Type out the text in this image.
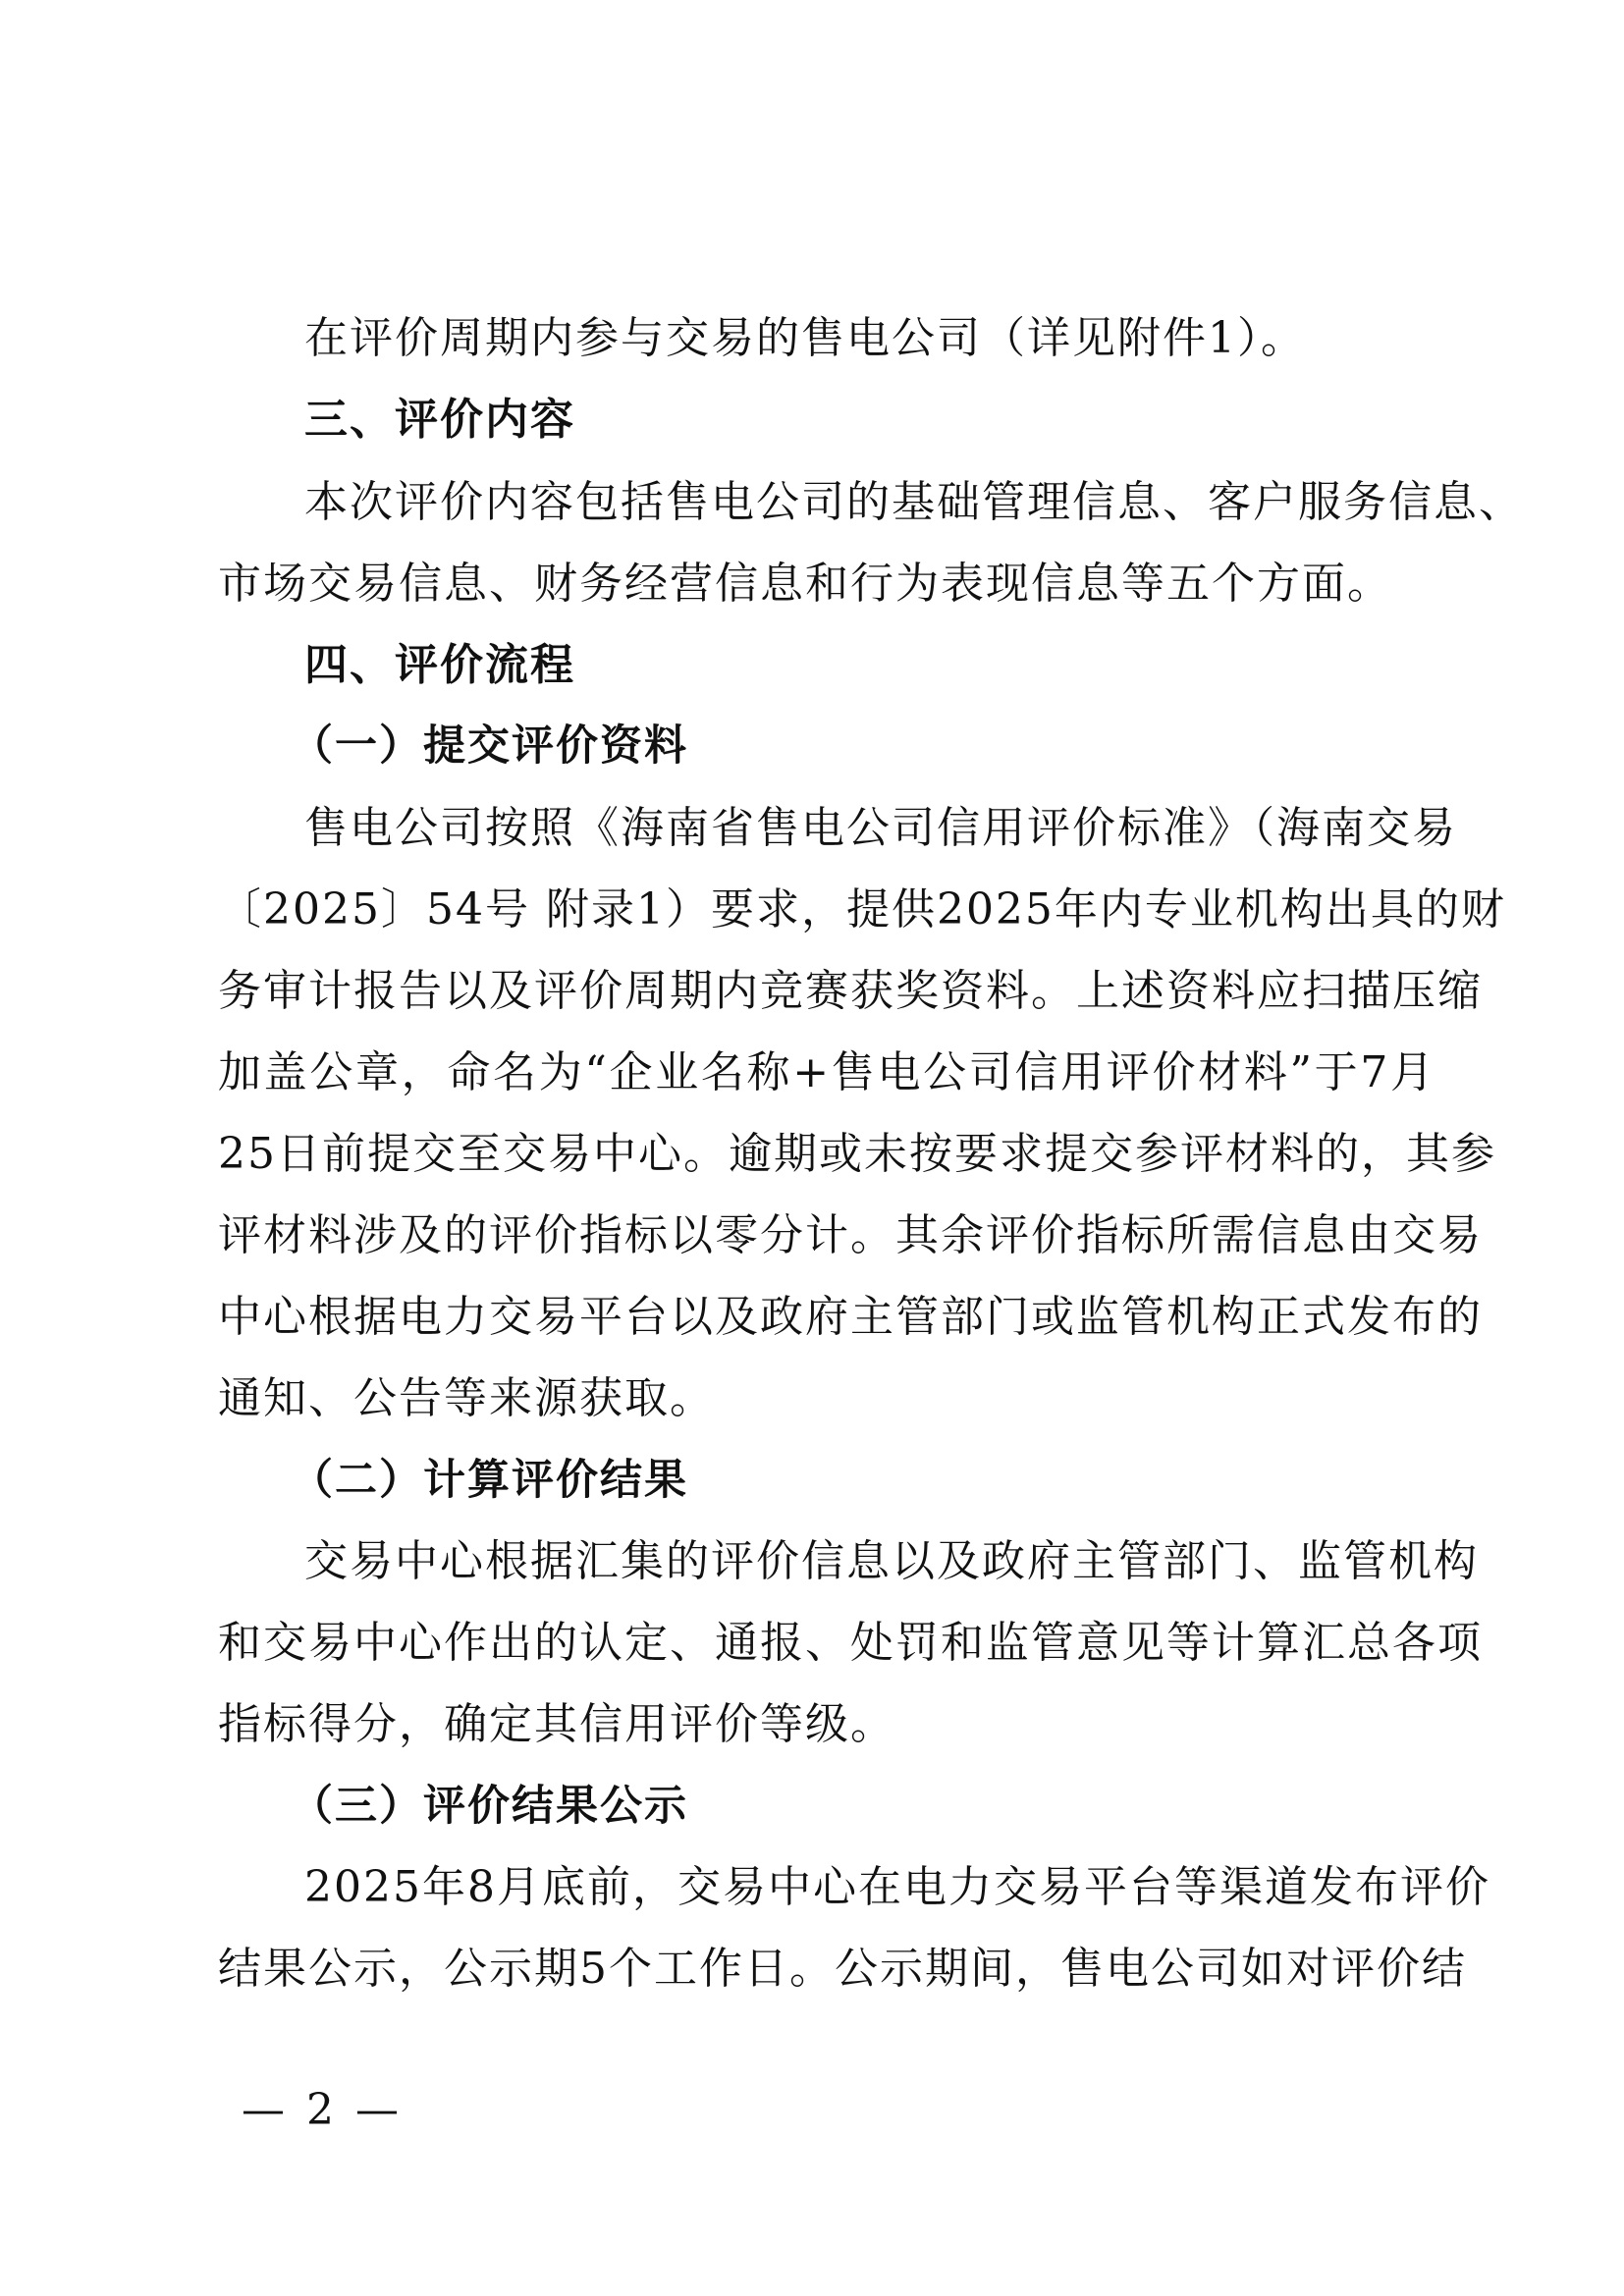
在评价周期内参与交易的售电公司（详见附件1）。
三、评价内容
本次评价内容包括售电公司的基础管理信息、客户服务信息、
市场交易信息、财务经营信息和行为表现信息等五个方面。
四、评价流程
（一）提交评价资料
售电公司按照《海南省售电公司信用评价标准》（海南交易
〔2025〕54号 附录1）要求，提供2025年内专业机构出具的财
务审计报告以及评价周期内竞赛获奖资料。上述资料应扫描压缩
加盖公章，命名为“企业名称+售电公司信用评价材料”于7月
25日前提交至交易中心。逾期或未按要求提交参评材料的，其参
评材料涉及的评价指标以零分计。其余评价指标所需信息由交易
中心根据电力交易平台以及政府主管部门或监管机构正式发布的
通知、公告等来源获取。
（二）计算评价结果
交易中心根据汇集的评价信息以及政府主管部门、监管机构
和交易中心作出的认定、通报、处罚和监管意见等计算汇总各项
指标得分，确定其信用评价等级。
（三）评价结果公示
2025年8月底前，交易中心在电力交易平台等渠道发布评价
结果公示，公示期5个工作日。公示期间，售电公司如对评价结
— 2 —
